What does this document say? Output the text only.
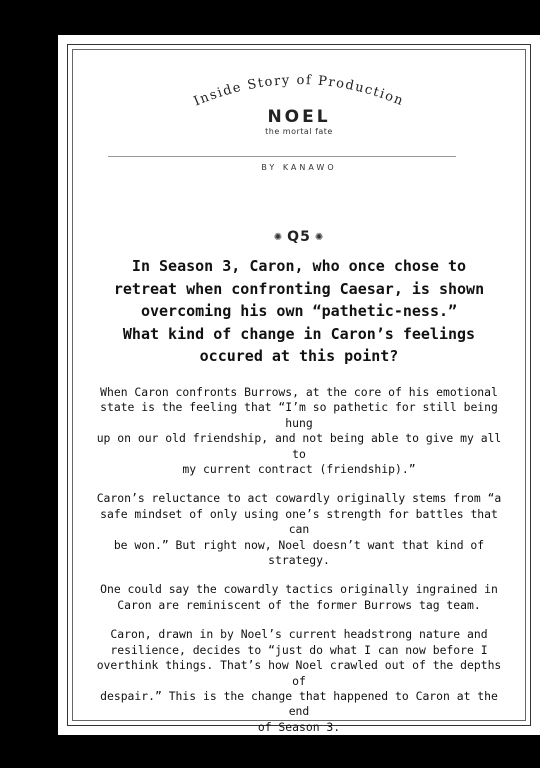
Inside Story of Production
NOEL
the mortal fate
BY KANAWO
✺ Q5 ✺
In Season 3, Caron, who once chose to
retreat when confronting Caesar, is shown
overcoming his own “pathetic-ness.”
What kind of change in Caron’s feelings
occured at this point?

When Caron confronts Burrows, at the core of his emotional
state is the feeling that “I’m so pathetic for still being hung
up on our old friendship, and not being able to give my all to
my current contract (friendship).”

Caron’s reluctance to act cowardly originally stems from “a
safe mindset of only using one’s strength for battles that can
be won.” But right now, Noel doesn’t want that kind of strategy.

One could say the cowardly tactics originally ingrained in
Caron are reminiscent of the former Burrows tag team.

Caron, drawn in by Noel’s current headstrong nature and
resilience, decides to “just do what I can now before I
overthink things. That’s how Noel crawled out of the depths of
despair.” This is the change that happened to Caron at the end
of Season 3.
